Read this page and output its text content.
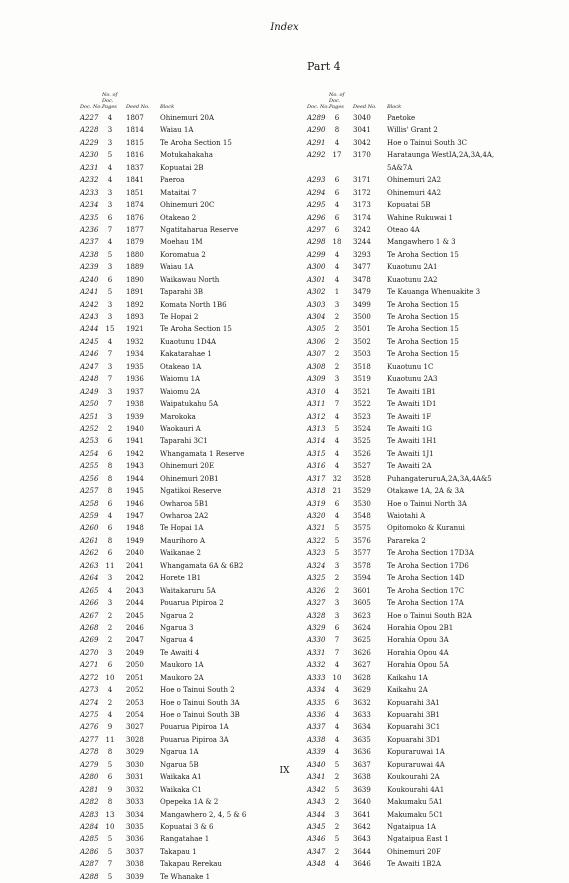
Index
Doc. No.
No. of Doc. Pages	Deed No. Block
A227	4	1807 Ohinemuri 20A
A228	3	1814 Waiau 1A
A229	3	1815 Te Aroha Section 15
A230	5	1816 Motukahakaha
A231	4	1837 Kopuatai 2B
A232	4	1841 Paeroa
A233	3	1851 Mataitai 7
A234	3	1874 Ohinemuri 20C
A235	6	1876 Otakeao 2
A236	7	1877 Ngatitaharua Reserve
A237	4	1879 Moehau 1M
A238	5	1880 Koromatua 2
A239	3	1889 Waiau 1A
A240	6	1890 Waikawau North
A241	5	1891 Taparahi 3B
A242	3	1892 Komata North 1B6
A243	3	1893 Te Hopai 2
A244 15 1921 Te Aroha Section 15
A245	4	1932 Kuaotunu 1D4A
A246	7	1934 Kakatarahae 1
A247	3	1935 Otakeao 1A
A248	7	1936 Waiomu 1A
A249	3	1937 Waiomu 2A
A250	7	1938 Waipatukahu 5A
A251	3	1939 Marokoka
A252	2	1940 Waokauri A
A253	6	1941 Taparahi 3C1
A254	6	1942 Whangamata 1 Reserve
A255	8	1943 Ohinemuri 20E
A256	8	1944 Ohinemuri 20B1
A257	8	1945 Ngatikoi Reserve
A258	6	1946 Owharoa 5B1
A259	4	1947 Owharoa 2A2
A260	6	1948 Te Hopai 1A
A261	8	1949 Maurihoro A
A262	6	2040 Waikanae 2
A263 11 2041 Whangamata 6A & 6B2
A264	3	2042 Horete 1B1
A265	4	2043 Waitakaruru 5A
A266	3	2044 Pouarua Pipiroa 2
A267	2	2045 Ngarua 2
A268	2	2046 Ngarua 3
A269	2	2047 Ngarua 4
A270	3	2049 Te Awaiti 4
A271	6	2050 Maukoro 1A
A272 10 2051 Maukoro 2A
A273	4	2052 Hoe o Tainui South 2
A274	2	2053 Hoe o Tainui South 3A
A275	4	2054 Hoe o Tainui South 3B
A276	9	3027 Pouarua Pipiroa 1A
A277 11 3028 Pouarua Pipiroa 3A
A278	8	3029 Ngarua 1A
A279	5	3030 Ngarua 5B
A280	6	3031 Waikaka A1
A281	9	3032 Waikaka C1
A282	8	3033 Opepeka 1A & 2
A283 13 3034 Mangawhero 2, 4, 5 & 6
A284 10 3035 Kopuatai 3 & 6
A285	5	3036 Rangatahae 1
A286	5	3037 Takapau 1
A287	7	3038 Takapau Rerekau
A288	5	3039 Te Whanake 1
Part 4
Doc. No.
No. of Doc. Pages	Deed No. Block
A289	6	3040 Paetoke
A290	8	3041 Willis' Grant 2
A291	4	3042 Hoe o Tainui South 3C
A292 17 3170 Harataunga WestIA,2A,3A,4A,
5A&7A
A293	6	3171 Ohinemuri 2A2
A294	6	3172 Ohinemuri 4A2
A295	4	3173 Kopuatai 5B
A296	6	3174 Wahine Rukuwai 1
A297	6	3242 Oteao 4A
A298 18 3244 Mangawhero 1 & 3
A299	4	3293 Te Aroha Section 15
A300	4	3477 Kuaotunu 2A1
A301	4	3478 Kuaotunu 2A2
A302	1	3479 Te Kauanga Whenuakite 3
A303	3	3499 Te Aroha Section 15
A304	2	3500 Te Aroha Section 15
A305	2	3501 Te Aroha Section 15
A306	2	3502 Te Aroha Section 15
A307	2	3503 Te Aroha Section 15
A308	2	3518 Kuaotunu 1C
A309	3	3519 Kuaotunu 2A3
A310	4	3521 Te Awaiti 1B1
A311	7	3522 Te Awaiti 1D1
A312	4	3523 Te Awaiti 1F
A313	5	3524 Te Awaiti 1G
A314	4	3525 Te Awaiti 1H1
A315	4	3526 Te Awaiti 1J1
A316	4	3527 Te Awaiti 2A
A317 32 3528 PuhangateruruA,2A,3A,4A&5
A318 21 3529 Otakawe 1A, 2A & 3A
A319	6	3530 Hoe o Tainui North 3A
A320	4	3548 Waiotahi A
A321	5	3575 Opitomoko & Kuranui
A322	5	3576 Parareka 2
A323	5	3577 Te Aroha Section 17D3A
A324	3	3578 Te Aroha Section 17D6
A325	2	3594 Te Aroha Section 14D
A326	2	3601 Te Aroha Section 17C
A327	3	3605 Te Aroha Section 17A
A328	3	3623 Hoe o Tainui South B2A
A329	6	3624 Horahia Opou 2B1
A330	7	3625 Horahia Opou 3A
A331	7	3626 Horahia Opou 4A
A332	4	3627 Horahia Opou 5A
A333 10 3628 Kaikahu 1A
A334	4	3629 Kaikahu 2A
A335	6	3632 Kopuarahi 3A1
A336	4	3633 Kopuarahi 3B1
A337	4	3634 Kopuarahi 3C1
A338	4	3635 Kopuarahi 3D1
A339	4	3636 Kopuraruwai 1A
A340	5	3637 Kopuraruwai 4A
A341	2	3638 Koukourahi 2A
A342	5	3639 Koukourahi 4A1
A343	2	3640 Makumaku 5A1
A344	3	3641 Makumaku 5C1
A345	2	3642 Ngataipua 1A
A346	5	3643 Ngataipua East 1
A347	2	3644 Ohinemuri 20F
A348	4	3646 Te Awaiti 1B2A
IX
